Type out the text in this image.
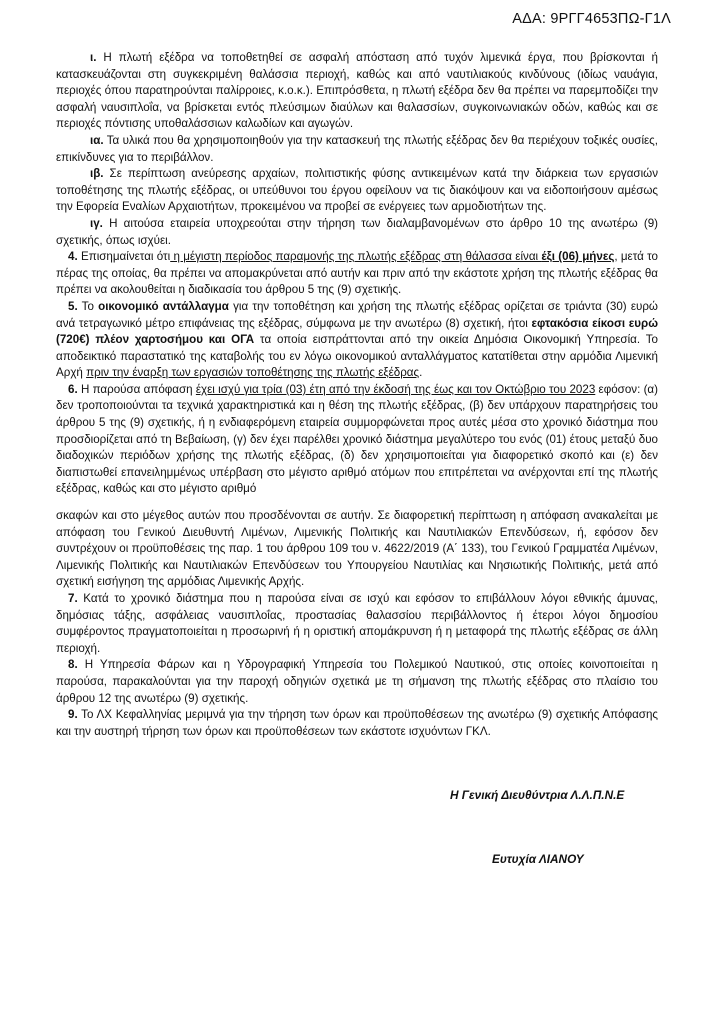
ΑΔΑ: 9ΡΓΓ4653ΠΩ-Γ1Λ

ι. Η πλωτή εξέδρα να τοποθετηθεί σε ασφαλή απόσταση από τυχόν λιμενικά έργα, που βρίσκονται ή κατασκευάζονται στη συγκεκριμένη θαλάσσια περιοχή, καθώς και από ναυτιλιακούς κινδύνους (ιδίως ναυάγια, περιοχές όπου παρατηρούνται παλίρροιες, κ.ο.κ.). Επιπρόσθετα, η πλωτή εξέδρα δεν θα πρέπει να παρεμποδίζει την ασφαλή ναυσιπλοΐα, να βρίσκεται εντός πλεύσιμων διαύλων και θαλασσίων, συγκοινωνιακών οδών, καθώς και σε περιοχές πόντισης υποθαλάσσιων καλωδίων και αγωγών.

ια. Τα υλικά που θα χρησιμοποιηθούν για την κατασκευή της πλωτής εξέδρας δεν θα περιέχουν τοξικές ουσίες, επικίνδυνες για το περιβάλλον.

ιβ. Σε περίπτωση ανεύρεσης αρχαίων, πολιτιστικής φύσης αντικειμένων κατά την διάρκεια των εργασιών τοποθέτησης της πλωτής εξέδρας, οι υπεύθυνοι του έργου οφείλουν να τις διακόψουν και να ειδοποιήσουν αμέσως την Εφορεία Εναλίων Αρχαιοτήτων, προκειμένου να προβεί σε ενέργειες των αρμοδιοτήτων της.

ιγ. Η αιτούσα εταιρεία υποχρεούται στην τήρηση των διαλαμβανομένων στο άρθρο 10 της ανωτέρω (9) σχετικής, όπως ισχύει.

4. Επισημαίνεται ότι η μέγιστη περίοδος παραμονής της πλωτής εξέδρας στη θάλασσα είναι έξι (06) μήνες, μετά το πέρας της οποίας, θα πρέπει να απομακρύνεται από αυτήν και πριν από την εκάστοτε χρήση της πλωτής εξέδρας θα πρέπει να ακολουθείται η διαδικασία του άρθρου 5 της (9) σχετικής.

5. Το οικονομικό αντάλλαγμα για την τοποθέτηση και χρήση της πλωτής εξέδρας ορίζεται σε τριάντα (30) ευρώ ανά τετραγωνικό μέτρο επιφάνειας της εξέδρας, σύμφωνα με την ανωτέρω (8) σχετική, ήτοι εφτακόσια είκοσι ευρώ (720€) πλέον χαρτοσήμου και ΟΓΑ τα οποία εισπράττονται από την οικεία Δημόσια Οικονομική Υπηρεσία. Το αποδεικτικό παραστατικό της καταβολής του εν λόγω οικονομικού ανταλλάγματος κατατίθεται στην αρμόδια Λιμενική Αρχή πριν την έναρξη των εργασιών τοποθέτησης της πλωτής εξέδρας.

6. Η παρούσα απόφαση έχει ισχύ για τρία (03) έτη από την έκδοσή της έως και τον Οκτώβριο του 2023 εφόσον: (α) δεν τροποποιούνται τα τεχνικά χαρακτηριστικά και η θέση της πλωτής εξέδρας, (β) δεν υπάρχουν παρατηρήσεις του άρθρου 5 της (9) σχετικής, ή η ενδιαφερόμενη εταιρεία συμμορφώνεται προς αυτές μέσα στο χρονικό διάστημα που προσδιορίζεται από τη Βεβαίωση, (γ) δεν έχει παρέλθει χρονικό διάστημα μεγαλύτερο του ενός (01) έτους μεταξύ δυο διαδοχικών περιόδων χρήσης της πλωτής εξέδρας, (δ) δεν χρησιμοποιείται για διαφορετικό σκοπό και (ε) δεν διαπιστωθεί επανειλημμένως υπέρβαση στο μέγιστο αριθμό ατόμων που επιτρέπεται να ανέρχονται επί της πλωτής εξέδρας, καθώς και στο μέγιστο αριθμό

σκαφών και στο μέγεθος αυτών που προσδένονται σε αυτήν. Σε διαφορετική περίπτωση η απόφαση ανακαλείται με απόφαση του Γενικού Διευθυντή Λιμένων, Λιμενικής Πολιτικής και Ναυτιλιακών Επενδύσεων, ή, εφόσον δεν συντρέχουν οι προϋποθέσεις της παρ. 1 του άρθρου 109 του ν. 4622/2019 (Α΄ 133), του Γενικού Γραμματέα Λιμένων, Λιμενικής Πολιτικής και Ναυτιλιακών Επενδύσεων του Υπουργείου Ναυτιλίας και Νησιωτικής Πολιτικής, μετά από σχετική εισήγηση της αρμόδιας Λιμενικής Αρχής.

7. Κατά το χρονικό διάστημα που η παρούσα είναι σε ισχύ και εφόσον το επιβάλλουν λόγοι εθνικής άμυνας, δημόσιας τάξης, ασφάλειας ναυσιπλοΐας, προστασίας θαλασσίου περιβάλλοντος ή έτεροι λόγοι δημοσίου συμφέροντος πραγματοποιείται η προσωρινή ή η οριστική απομάκρυνση ή η μεταφορά της πλωτής εξέδρας σε άλλη περιοχή.

8. Η Υπηρεσία Φάρων και η Υδρογραφική Υπηρεσία του Πολεμικού Ναυτικού, στις οποίες κοινοποιείται η παρούσα, παρακαλούνται για την παροχή οδηγιών σχετικά με τη σήμανση της πλωτής εξέδρας στο πλαίσιο του άρθρου 12 της ανωτέρω (9) σχετικής.

9. Το ΛΧ Κεφαλληνίας μεριμνά για την τήρηση των όρων και προϋποθέσεων της ανωτέρω (9) σχετικής Απόφασης και την αυστηρή τήρηση των όρων και προϋποθέσεων των εκάστοτε ισχυόντων ΓΚΛ.

Η Γενική Διευθύντρια Λ.Λ.Π.Ν.Ε
Ευτυχία ΛΙΑΝΟΥ
